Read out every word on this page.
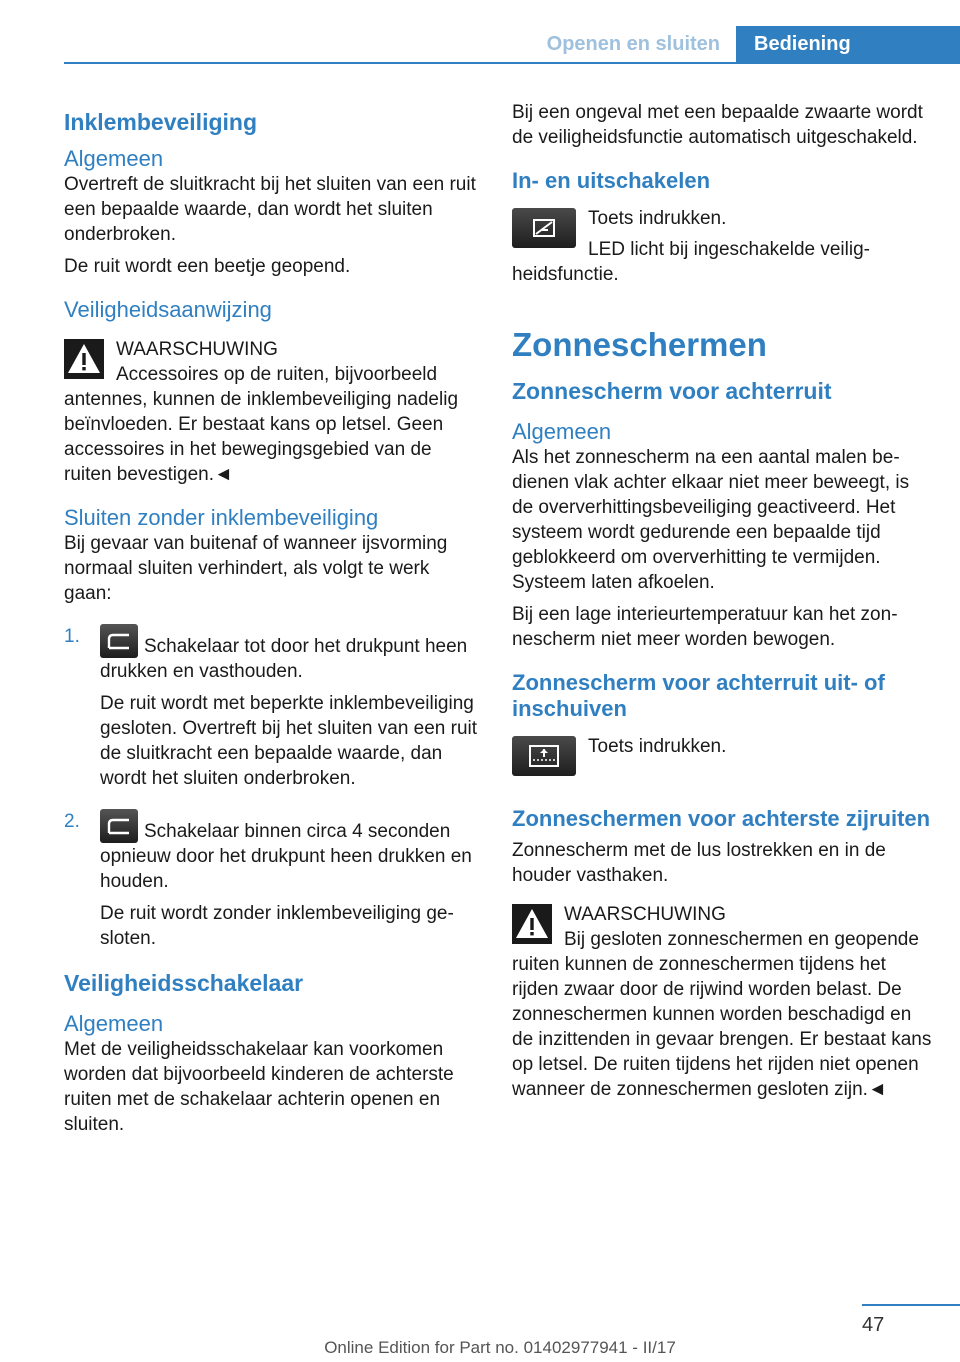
Openen en sluiten	Bediening
Inklembeveiliging
Algemeen

Overtreft de sluitkracht bij het sluiten van een ruit een bepaalde waarde, dan wordt het sluiten onderbroken.

De ruit wordt een beetje geopend.

Veiligheidsaanwijzing

WAARSCHUWING

Accessoires op de ruiten, bijvoorbeeld antennes, kunnen de inklembeveiliging nadelig beïnvloeden. Er bestaat kans op letsel. Geen accessoires in het bewegingsgebied van de ruiten bevestigen.◄

Sluiten zonder inklembeveiliging

Bij gevaar van buitenaf of wanneer ijsvorming normaal sluiten verhindert, als volgt te werk gaan:

1.	Schakelaar tot door het drukpunt heen drukken en vasthouden.

De ruit wordt met beperkte inklembeveiliging gesloten. Overtreft bij het sluiten van een ruit de sluitkracht een bepaalde waarde, dan wordt het sluiten onderbroken.

2.	Schakelaar binnen circa 4 seconden opnieuw door het drukpunt heen drukken en houden.

De ruit wordt zonder inklembeveiliging gesloten.

Veiligheidsschakelaar
Algemeen

Met de veiligheidsschakelaar kan voorkomen worden dat bijvoorbeeld kinderen de achterste ruiten met de schakelaar achterin openen en sluiten.

Bij een ongeval met een bepaalde zwaarte wordt de veiligheidsfunctie automatisch uitgeschakeld.

In- en uitschakelen

Toets indrukken.

LED licht bij ingeschakelde veiligheidsfunctie.

Zonneschermen
Zonnescherm voor achterruit
Algemeen

Als het zonnescherm na een aantal malen bedienen vlak achter elkaar niet meer beweegt, is de oververhittingsbeveiliging geactiveerd. Het systeem wordt gedurende een bepaalde tijd geblokkeerd om oververhitting te vermijden. Systeem laten afkoelen.

Bij een lage interieurtemperatuur kan het zonnescherm niet meer worden bewogen.

Zonnescherm voor achterruit uit- of inschuiven

Toets indrukken.

Zonneschermen voor achterste zijruiten

Zonnescherm met de lus lostrekken en in de houder vasthaken.

WAARSCHUWING

Bij gesloten zonneschermen en geopende ruiten kunnen de zonneschermen tijdens het rijden zwaar door de rijwind worden belast. De zonneschermen kunnen worden beschadigd en de inzittenden in gevaar brengen. Er bestaat kans op letsel. De ruiten tijdens het rijden niet openen wanneer de zonneschermen gesloten zijn.◄

47
Online Edition for Part no. 01402977941 - II/17
